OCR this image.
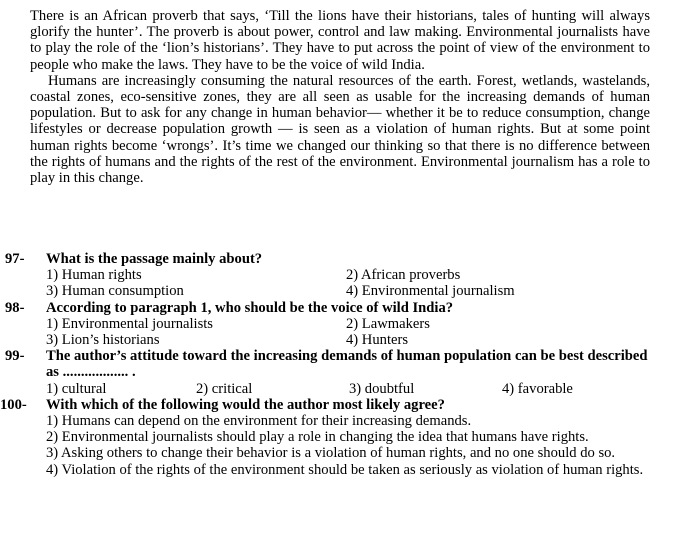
There is an African proverb that says, ‘Till the lions have their historians, tales of hunting will always glorify the hunter’. The proverb is about power, control and law making. Environmental journalists have to play the role of the ‘lion’s historians’. They have to put across the point of view of the environment to people who make the laws. They have to be the voice of wild India.

Humans are increasingly consuming the natural resources of the earth. Forest, wetlands, wastelands, coastal zones, eco-sensitive zones, they are all seen as usable for the increasing demands of human population. But to ask for any change in human behavior— whether it be to reduce consumption, change lifestyles or decrease population growth — is seen as a violation of human rights. But at some point human rights become ‘wrongs’. It’s time we changed our thinking so that there is no difference between the rights of humans and the rights of the rest of the environment. Environmental journalism has a role to play in this change.

97- What is the passage mainly about?
1) Human rights	2) African proverbs
3) Human consumption	4) Environmental journalism
98- According to paragraph 1, who should be the voice of wild India?
1) Environmental journalists	2) Lawmakers
3) Lion’s historians	4) Hunters
99- The author’s attitude toward the increasing demands of human population can be best described as .................. .
1) cultural	2) critical	3) doubtful	4) favorable
100- With which of the following would the author most likely agree?
1) Humans can depend on the environment for their increasing demands.
2) Environmental journalists should play a role in changing the idea that humans have rights.
3) Asking others to change their behavior is a violation of human rights, and no one should do so.
4) Violation of the rights of the environment should be taken as seriously as violation of human rights.
